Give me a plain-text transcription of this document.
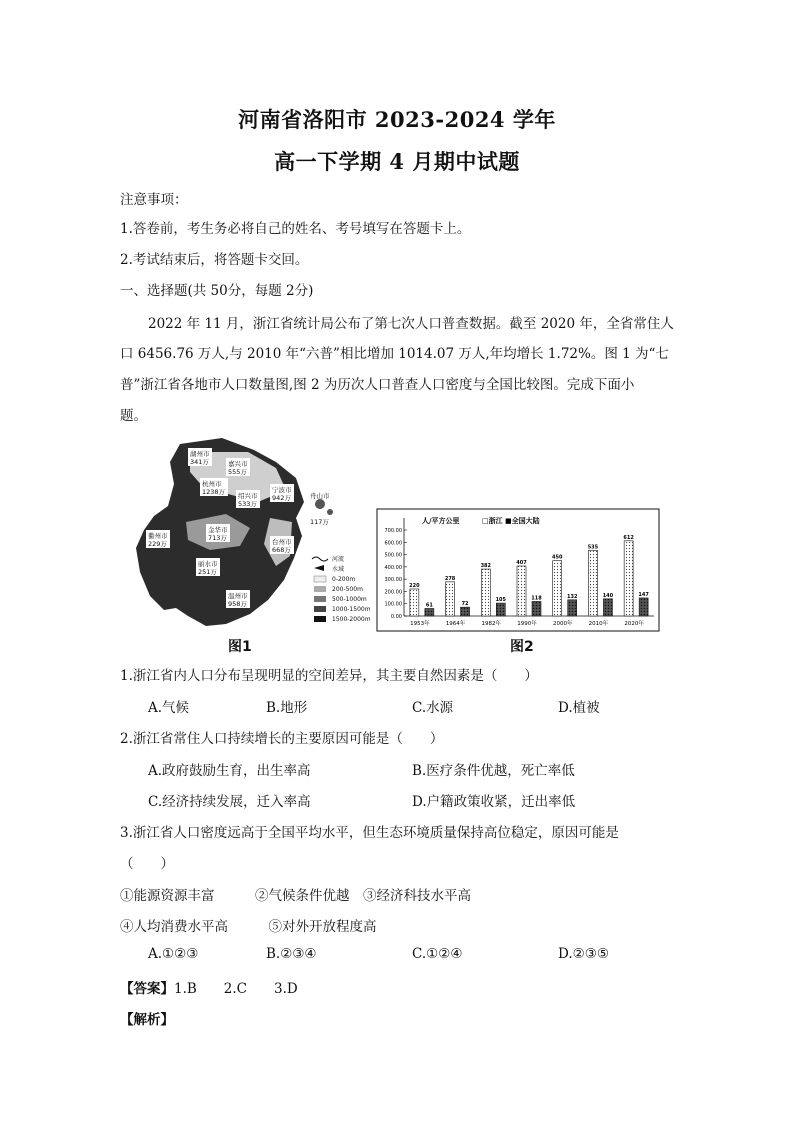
河南省洛阳市 2023-2024 学年
高一下学期 4 月期中试题
注意事项：
1.答卷前，考生务必将自己的姓名、考号填写在答题卡上。
2.考试结束后，将答题卡交回。
一、选择题(共 50分，每题 2分)
2022 年 11 月，浙江省统计局公布了第七次人口普查数据。截至 2020 年，全省常住人
口 6456.76 万人,与 2010 年“六普”相比增加 1014.07 万人,年均增长 1.72%。图 1 为“七
普”浙江省各地市人口数量图,图 2 为历次人口普查人口密度与全国比较图。完成下面小
题。
湖州市
341万	嘉兴市
555万
杭州市
1238万 绍兴市
533万
宁波市
942万	舟山市
117万
衢州市
229万
金华市
713万	台州市
668万
丽水市
251万
温州市
958万
河流
水域
0-200m
200-500m
500-1000m
1000-1500m
1500-2000m
图1
人/平方公里	□浙江 ■全国大陆
700.00
600.00
500.00
400.00
300.00
200.00
100.00
0.00
220
61
278
72
382
105
407
118
450
132
535
140
612
147
1953年	1964年	1982年	1990年	2000年	2010年	2020年
图2
1.浙江省内人口分布呈现明显的空间差异，其主要自然因素是（　　）
A.气候	B.地形	C.水源	D.植被
2.浙江省常住人口持续增长的主要原因可能是（　　）
A.政府鼓励生育，出生率高	B.医疗条件优越，死亡率低
C.经济持续发展，迁入率高	D.户籍政策收紧，迁出率低
3.浙江省人口密度远高于全国平均水平，但生态环境质量保持高位稳定，原因可能是
（　　）
①能源资源丰富　　　②气候条件优越　③经济科技水平高
④人均消费水平高　　　⑤对外开放程度高
A.①②③	B.②③④	C.①②④	D.②③⑤
【答案】1.B　　2.C　　3.D
【解析】
